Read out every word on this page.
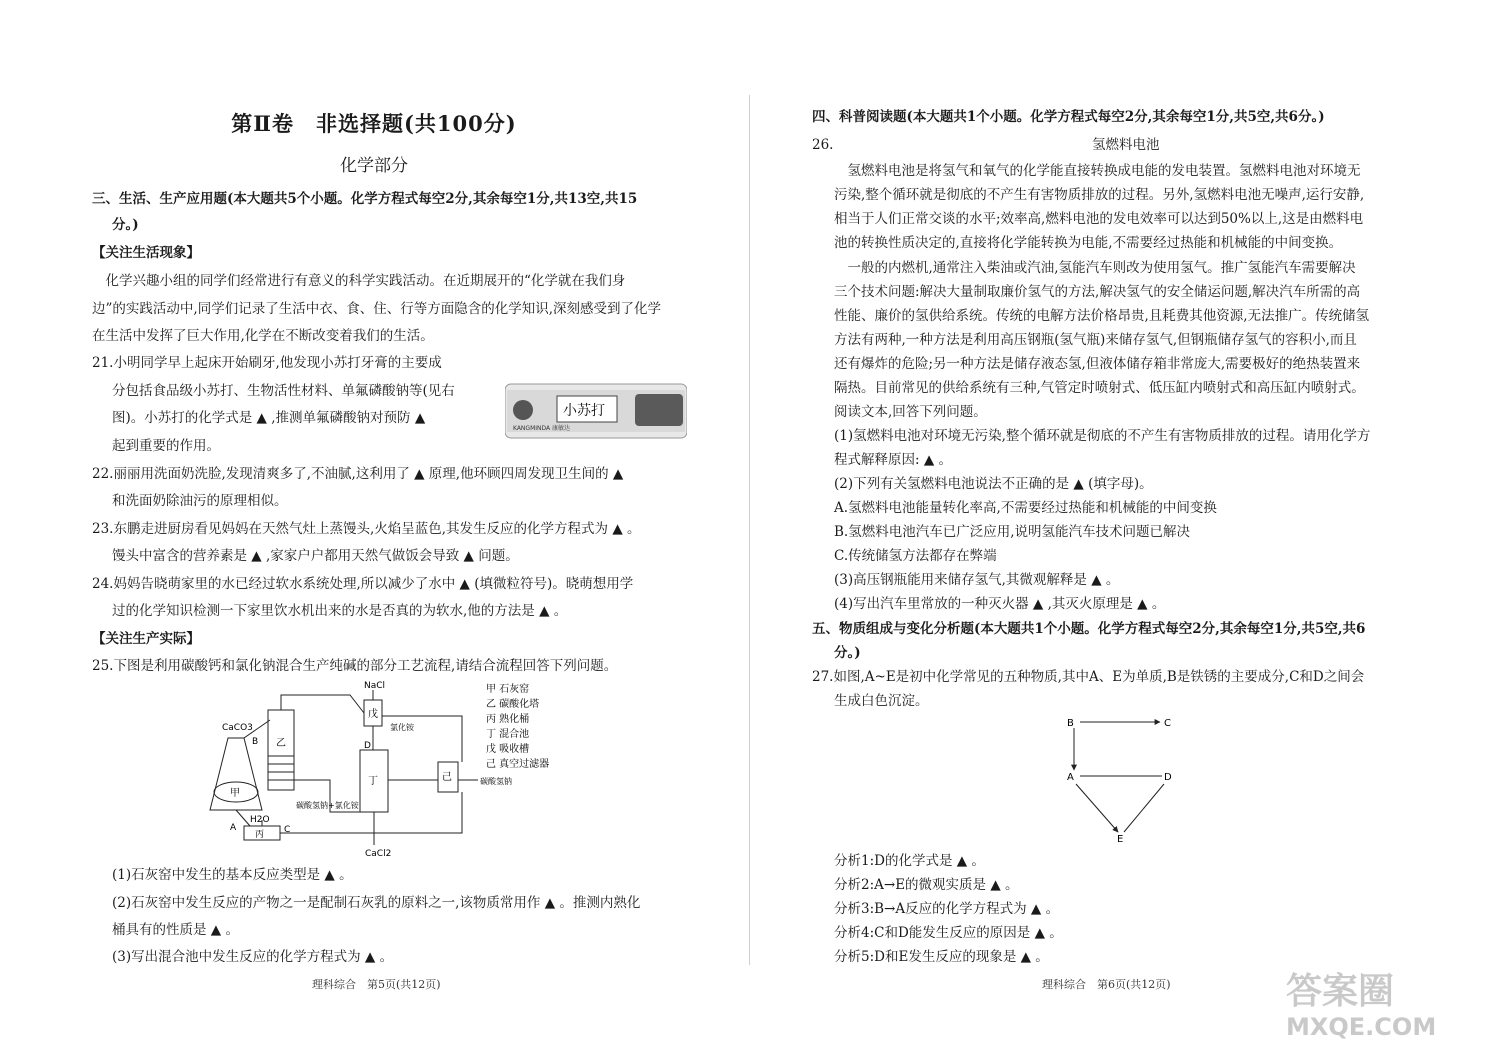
第Ⅱ卷　非选择题(共100分)
化学部分
三、生活、生产应用题(本大题共5个小题。化学方程式每空2分,其余每空1分,共13空,共15
分。)
【关注生活现象】
　化学兴趣小组的同学们经常进行有意义的科学实践活动。在近期展开的“化学就在我们身
边”的实践活动中,同学们记录了生活中衣、食、住、行等方面隐含的化学知识,深刻感受到了化学
在生活中发挥了巨大作用,化学在不断改变着我们的生活。
21.小明同学早上起床开始刷牙,他发现小苏打牙膏的主要成
分包括食品级小苏打、生物活性材料、单氟磷酸钠等(见右
图)。小苏打的化学式是 ▲ ,推测单氟磷酸钠对预防 ▲
起到重要的作用。
KANGMINDA 康敏达
小苏打
22.丽丽用洗面奶洗脸,发现清爽多了,不油腻,这利用了 ▲ 原理,他环顾四周发现卫生间的 ▲
和洗面奶除油污的原理相似。
23.东鹏走进厨房看见妈妈在天然气灶上蒸馒头,火焰呈蓝色,其发生反应的化学方程式为 ▲ 。
馒头中富含的营养素是 ▲ ,家家户户都用天然气做饭会导致 ▲ 问题。
24.妈妈告晓萌家里的水已经过软水系统处理,所以减少了水中 ▲ (填微粒符号)。晓萌想用学
过的化学知识检测一下家里饮水机出来的水是否真的为软水,他的方法是 ▲ 。
【关注生产实际】
25.下图是利用碳酸钙和氯化钠混合生产纯碱的部分工艺流程,请结合流程回答下列问题。
CaCO3
NaCl
H2O
CaCl2
甲
乙
丙
丁
戊
己
A
B
C
D
氯化铵
碳酸氢钠
碳酸氢钠+氯化铵
甲 石灰窑
乙 碳酸化塔
丙 熟化桶
丁 混合池
戊 吸收槽
己 真空过滤器
(1)石灰窑中发生的基本反应类型是 ▲ 。
(2)石灰窑中发生反应的产物之一是配制石灰乳的原料之一,该物质常用作 ▲ 。推测内熟化
桶具有的性质是 ▲ 。
(3)写出混合池中发生反应的化学方程式为 ▲ 。
理科综合　第5页(共12页)
四、科普阅读题(本大题共1个小题。化学方程式每空2分,其余每空1分,共5空,共6分。)
26.	氢燃料电池
　氢燃料电池是将氢气和氧气的化学能直接转换成电能的发电装置。氢燃料电池对环境无
污染,整个循环就是彻底的不产生有害物质排放的过程。另外,氢燃料电池无噪声,运行安静,
相当于人们正常交谈的水平;效率高,燃料电池的发电效率可以达到50%以上,这是由燃料电
池的转换性质决定的,直接将化学能转换为电能,不需要经过热能和机械能的中间变换。
　一般的内燃机,通常注入柴油或汽油,氢能汽车则改为使用氢气。推广氢能汽车需要解决
三个技术问题:解决大量制取廉价氢气的方法,解决氢气的安全储运问题,解决汽车所需的高
性能、廉价的氢供给系统。传统的电解方法价格昂贵,且耗费其他资源,无法推广。传统储氢
方法有两种,一种方法是利用高压钢瓶(氢气瓶)来储存氢气,但钢瓶储存氢气的容积小,而且
还有爆炸的危险;另一种方法是储存液态氢,但液体储存箱非常庞大,需要极好的绝热装置来
隔热。目前常见的供给系统有三种,气管定时喷射式、低压缸内喷射式和高压缸内喷射式。
阅读文本,回答下列问题。
(1)氢燃料电池对环境无污染,整个循环就是彻底的不产生有害物质排放的过程。请用化学方
程式解释原因: ▲ 。
(2)下列有关氢燃料电池说法不正确的是 ▲ (填字母)。
A.氢燃料电池能量转化率高,不需要经过热能和机械能的中间变换
B.氢燃料电池汽车已广泛应用,说明氢能汽车技术问题已解决
C.传统储氢方法都存在弊端
(3)高压钢瓶能用来储存氢气,其微观解释是 ▲ 。
(4)写出汽车里常放的一种灭火器 ▲ ,其灭火原理是 ▲ 。
五、物质组成与变化分析题(本大题共1个小题。化学方程式每空2分,其余每空1分,共5空,共6
分。)
27.如图,A~E是初中化学常见的五种物质,其中A、E为单质,B是铁锈的主要成分,C和D之间会
生成白色沉淀。
B	C
A	D
E
分析1:D的化学式是 ▲ 。
分析2:A→E的微观实质是 ▲ 。
分析3:B→A反应的化学方程式为 ▲ 。
分析4:C和D能发生反应的原因是 ▲ 。
分析5:D和E发生反应的现象是 ▲ 。
理科综合　第6页(共12页)	答案圈
MXQE.COM
